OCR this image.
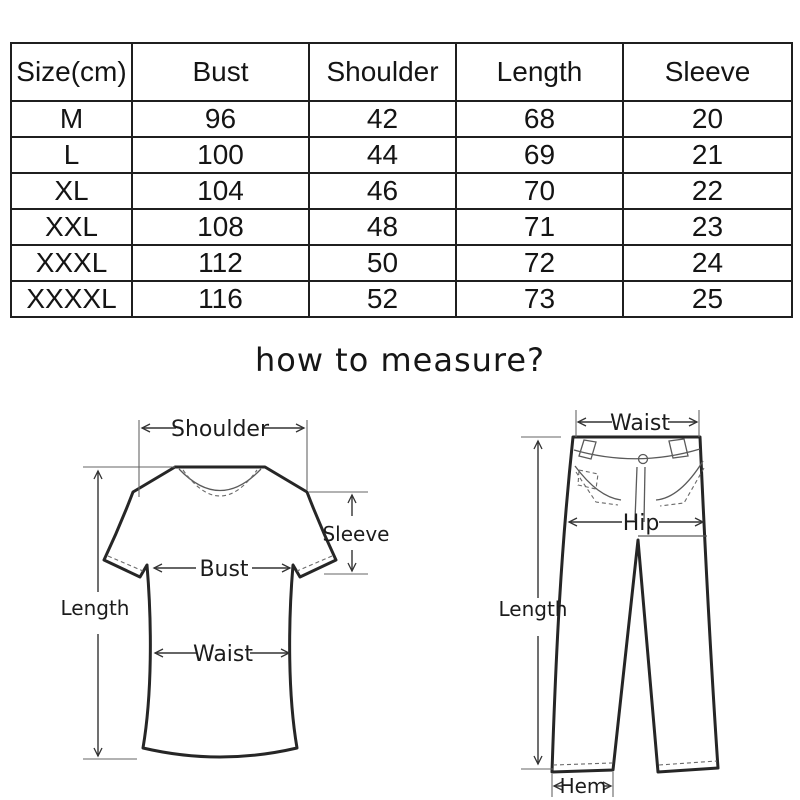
Size(cm)	Bust	Shoulder	Length	Sleeve
M	96	42	68	20
L	100	44	69	21
XL	104	46	70	22
XXL	108	48	71	23
XXXL	112	50	72	24
XXXXL	116	52	73	25
how to measure?
Shoulder
Length
Sleeve
Bust
Waist
Waist
Hip
Length
Hem
